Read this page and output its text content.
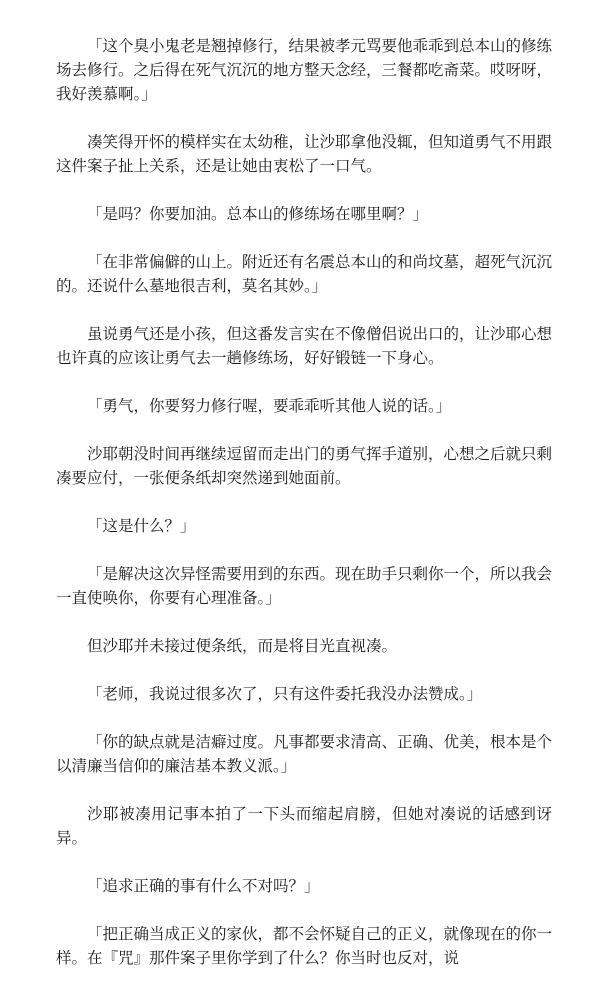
「这个臭小鬼老是翘掉修行，结果被孝元骂要他乖乖到总本山的修练场去修行。之后得在死气沉沉的地方整天念经，三餐都吃斋菜。哎呀呀，我好羡慕啊。」

凑笑得开怀的模样实在太幼稚，让沙耶拿他没辄，但知道勇气不用跟这件案子扯上关系，还是让她由衷松了一口气。

「是吗？你要加油。总本山的修练场在哪里啊？」

「在非常偏僻的山上。附近还有名震总本山的和尚坟墓，超死气沉沉的。还说什么墓地很吉利，莫名其妙。」

虽说勇气还是小孩，但这番发言实在不像僧侣说出口的，让沙耶心想也许真的应该让勇气去一趟修练场，好好锻链一下身心。

「勇气，你要努力修行喔，要乖乖听其他人说的话。」

沙耶朝没时间再继续逗留而走出门的勇气挥手道别，心想之后就只剩凑要应付，一张便条纸却突然递到她面前。

「这是什么？」

「是解决这次异怪需要用到的东西。现在助手只剩你一个，所以我会一直使唤你，你要有心理准备。」

但沙耶并未接过便条纸，而是将目光直视凑。

「老师，我说过很多次了，只有这件委托我没办法赞成。」

「你的缺点就是洁癖过度。凡事都要求清高、正确、优美，根本是个以清廉当信仰的廉洁基本教义派。」

沙耶被凑用记事本拍了一下头而缩起肩膀，但她对凑说的话感到讶异。

「追求正确的事有什么不对吗？」

「把正确当成正义的家伙，都不会怀疑自己的正义，就像现在的你一样。在『咒』那件案子里你学到了什么？你当时也反对，说
